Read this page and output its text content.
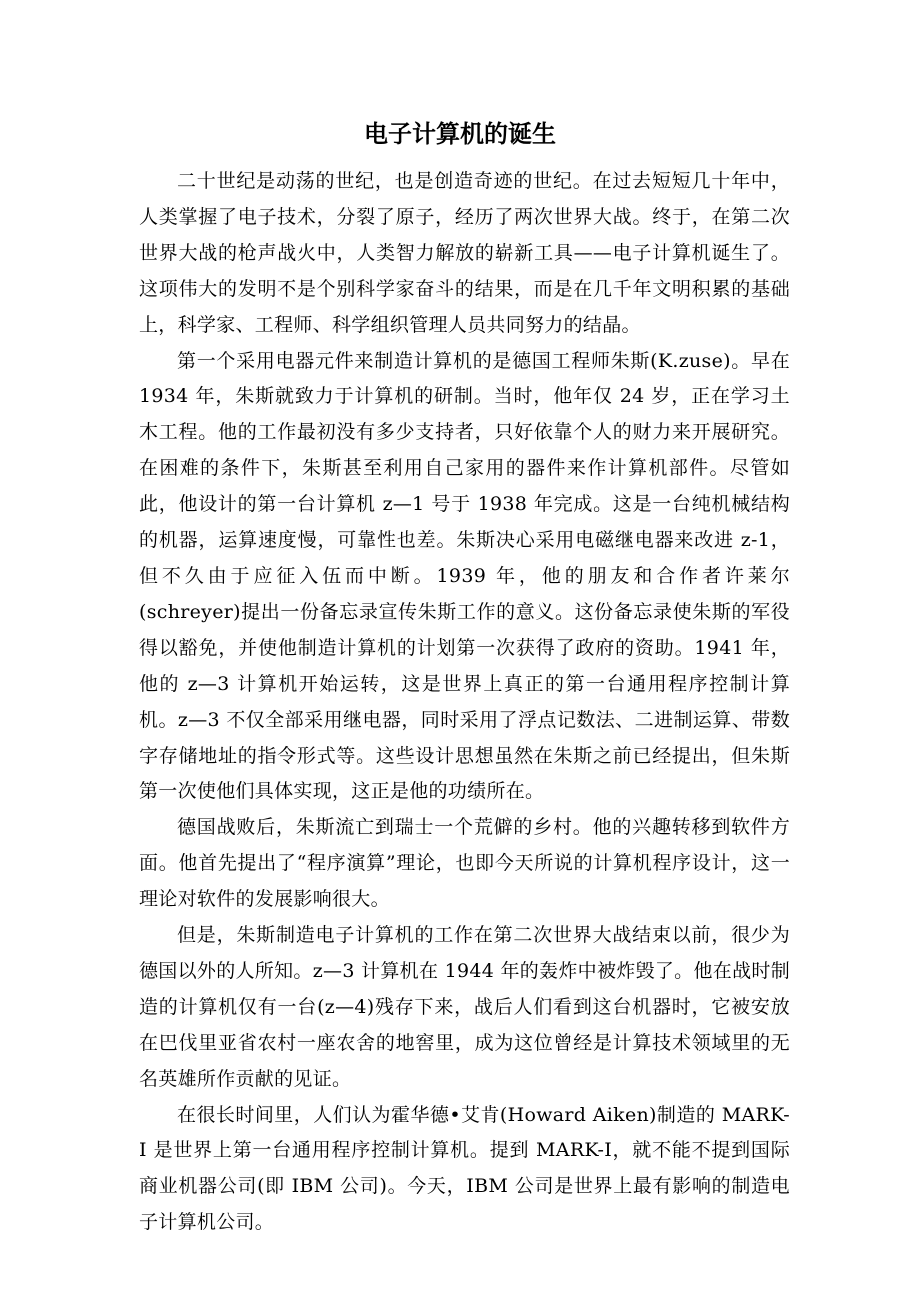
电子计算机的诞生

二十世纪是动荡的世纪，也是创造奇迹的世纪。在过去短短几十年中，人类掌握了电子技术，分裂了原子，经历了两次世界大战。终于，在第二次世界大战的枪声战火中，人类智力解放的崭新工具——电子计算机诞生了。这项伟大的发明不是个别科学家奋斗的结果，而是在几千年文明积累的基础上，科学家、工程师、科学组织管理人员共同努力的结晶。

第一个采用电器元件来制造计算机的是德国工程师朱斯(K.zuse)。早在 1934 年，朱斯就致力于计算机的研制。当时，他年仅 24 岁，正在学习土木工程。他的工作最初没有多少支持者，只好依靠个人的财力来开展研究。在困难的条件下，朱斯甚至利用自己家用的器件来作计算机部件。尽管如此，他设计的第一台计算机 z—1 号于 1938 年完成。这是一台纯机械结构的机器，运算速度慢，可靠性也差。朱斯决心采用电磁继电器来改进 z-1，但不久由于应征入伍而中断。1939 年，他的朋友和合作者许莱尔(schreyer)提出一份备忘录宣传朱斯工作的意义。这份备忘录使朱斯的军役得以豁免，并使他制造计算机的计划第一次获得了政府的资助。1941 年，他的 z—3 计算机开始运转，这是世界上真正的第一台通用程序控制计算机。z—3 不仅全部采用继电器，同时采用了浮点记数法、二进制运算、带数字存储地址的指令形式等。这些设计思想虽然在朱斯之前已经提出，但朱斯第一次使他们具体实现，这正是他的功绩所在。

德国战败后，朱斯流亡到瑞士一个荒僻的乡村。他的兴趣转移到软件方面。他首先提出了“程序演算”理论，也即今天所说的计算机程序设计，这一理论对软件的发展影响很大。

但是，朱斯制造电子计算机的工作在第二次世界大战结束以前，很少为德国以外的人所知。z—3 计算机在 1944 年的轰炸中被炸毁了。他在战时制造的计算机仅有一台(z—4)残存下来，战后人们看到这台机器时，它被安放在巴伐里亚省农村一座农舍的地窖里，成为这位曾经是计算技术领域里的无名英雄所作贡献的见证。

在很长时间里，人们认为霍华德•艾肯(Howard Aiken)制造的 MARK-I 是世界上第一台通用程序控制计算机。提到 MARK-I，就不能不提到国际商业机器公司(即 IBM 公司)。今天，IBM 公司是世界上最有影响的制造电子计算机公司。
